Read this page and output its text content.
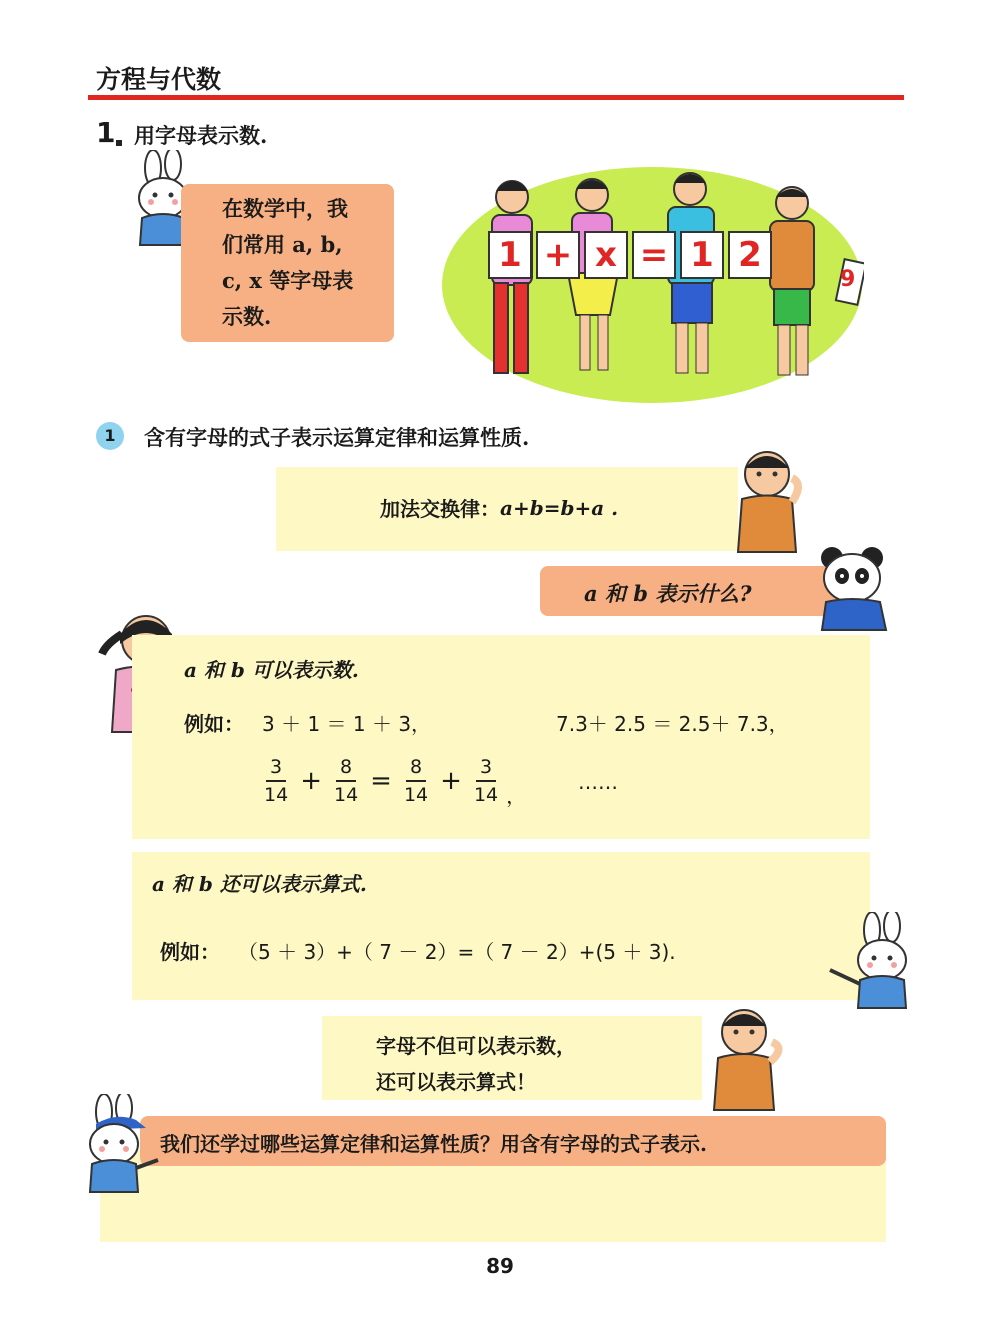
方程与代数
1 用字母表示数.
在数学中，我
们常用 a, b,
c, x 等字母表
示数.
1 + x = 1 2
9
1	含有字母的式子表示运算定律和运算性质.
加法交换律： a+b=b+a .
a 和 b 表示什么?
a 和 b 可以表示数.
例如： 3 ＋ 1 ＝ 1 ＋ 3，	7.3＋ 2.5 ＝ 2.5＋ 7.3，
$\frac{3}{14} + \frac{8}{14} = \frac{8}{14} + \frac{3}{14}$ ，
……
a 和 b 还可以表示算式.
例如： （5 ＋ 3）+（ 7 － 2）=（ 7 － 2）+(5 ＋ 3).
字母不但可以表示数，
还可以表示算式！
我们还学过哪些运算定律和运算性质？用含有字母的式子表示.
89
